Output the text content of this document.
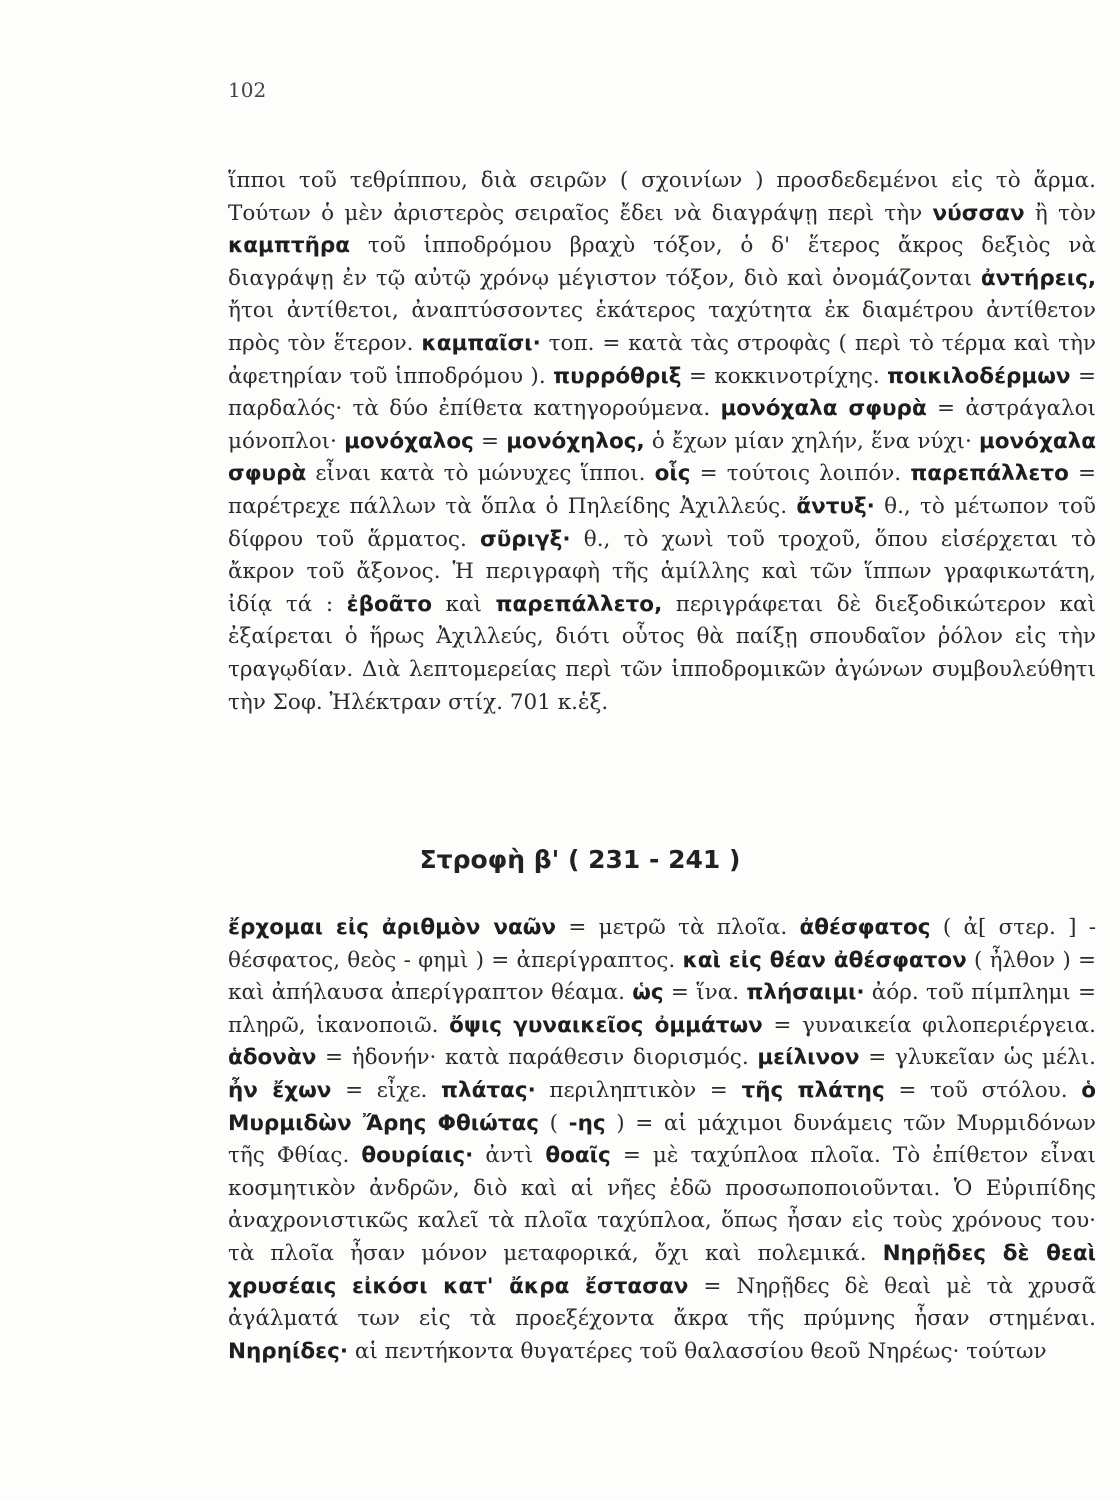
102

ἵπποι τοῦ τεθρίππου, διὰ σειρῶν ( σχοινίων ) προσδεδεμένοι εἰς τὸ ἅρμα. Τούτων ὁ μὲν ἀριστερὸς σειραῖος ἔδει νὰ διαγράψῃ περὶ τὴν νύσσαν ἢ τὸν καμπτῆρα τοῦ ἱπποδρόμου βραχὺ τόξον, ὁ δ' ἕτερος ἄκρος δεξιὸς νὰ διαγράψῃ ἐν τῷ αὐτῷ χρόνῳ μέγιστον τόξον, διὸ καὶ ὀνομάζονται ἀντήρεις, ἤτοι ἀντίθετοι, ἀναπτύσσοντες ἑκάτερος ταχύτητα ἐκ διαμέτρου ἀντίθετον πρὸς τὸν ἕτερον. καμπαῖσι· τοπ. = κατὰ τὰς στροφὰς ( περὶ τὸ τέρμα καὶ τὴν ἀφετηρίαν τοῦ ἱπποδρόμου ). πυρρόθριξ = κοκκινοτρίχης. ποικιλοδέρμων = παρδαλός· τὰ δύο ἐπίθετα κατηγορούμενα. μονόχαλα σφυρὰ = ἀστράγαλοι μόνοπλοι· μονόχαλος = μονόχηλος, ὁ ἔχων μίαν χηλήν, ἕνα νύχι· μονόχαλα σφυρὰ εἶναι κατὰ τὸ μώνυχες ἵπποι. οἷς = τούτοις λοιπόν. παρεπάλλετο = παρέτρεχε πάλλων τὰ ὅπλα ὁ Πηλείδης Ἀχιλλεύς. ἄντυξ· θ., τὸ μέτωπον τοῦ δίφρου τοῦ ἅρματος. σῦριγξ· θ., τὸ χωνὶ τοῦ τροχοῦ, ὅπου εἰσέρχεται τὸ ἄκρον τοῦ ἄξονος. Ἡ περιγραφὴ τῆς ἁμίλλης καὶ τῶν ἵππων γραφικωτάτη, ἰδίᾳ τά : ἐβοᾶτο καὶ παρεπάλλετο, περιγράφεται δὲ διεξοδικώτερον καὶ ἐξαίρεται ὁ ἥρως Ἀχιλλεύς, διότι οὗτος θὰ παίξῃ σπουδαῖον ῥόλον εἰς τὴν τραγῳδίαν. Διὰ λεπτομερείας περὶ τῶν ἱπποδρομικῶν ἀγώνων συμβουλεύθητι τὴν Σοφ. Ἠλέκτραν στίχ. 701 κ.ἑξ.

Στροφὴ β' ( 231 - 241 )

ἔρχομαι εἰς ἀριθμὸν ναῶν = μετρῶ τὰ πλοῖα. ἀθέσφατος ( ἀ[ στερ. ] - θέσφατος, θεὸς - φημὶ ) = ἀπερίγραπτος. καὶ εἰς θέαν ἀθέσφατον ( ἦλθον ) = καὶ ἀπήλαυσα ἀπερίγραπτον θέαμα. ὡς = ἵνα. πλήσαιμι· ἀόρ. τοῦ πίμπλημι = πληρῶ, ἱκανοποιῶ. ὄψις γυναικεῖος ὀμμάτων = γυναικεία φιλοπεριέργεια. ἁδονὰν = ἡδονήν· κατὰ παράθεσιν διορισμός. μείλινον = γλυκεῖαν ὡς μέλι. ἦν ἔχων = εἶχε. πλάτας· περιληπτικὸν = τῆς πλάτης = τοῦ στόλου. ὁ Μυρμιδὼν Ἄρης Φθιώτας ( -ης ) = αἱ μάχιμοι δυνάμεις τῶν Μυρμιδόνων τῆς Φθίας. θουρίαις· ἀντὶ θοαῖς = μὲ ταχύπλοα πλοῖα. Τὸ ἐπίθετον εἶναι κοσμητικὸν ἀνδρῶν, διὸ καὶ αἱ νῆες ἐδῶ προσωποποιοῦνται. Ὁ Εὐριπίδης ἀναχρονιστικῶς καλεῖ τὰ πλοῖα ταχύπλοα, ὅπως ἦσαν εἰς τοὺς χρόνους του· τὰ πλοῖα ἦσαν μόνον μεταφορικά, ὄχι καὶ πολεμικά. Νηρῇδες δὲ θεαὶ χρυσέαις εἰκόσι κατ' ἄκρα ἔστασαν = Νηρῇδες δὲ θεαὶ μὲ τὰ χρυσᾶ ἀγάλματά των εἰς τὰ προεξέχοντα ἄκρα τῆς πρύμνης ἦσαν στημέναι. Νηρηίδες· αἱ πεντήκοντα θυγατέρες τοῦ θαλασσίου θεοῦ Νηρέως· τούτων
